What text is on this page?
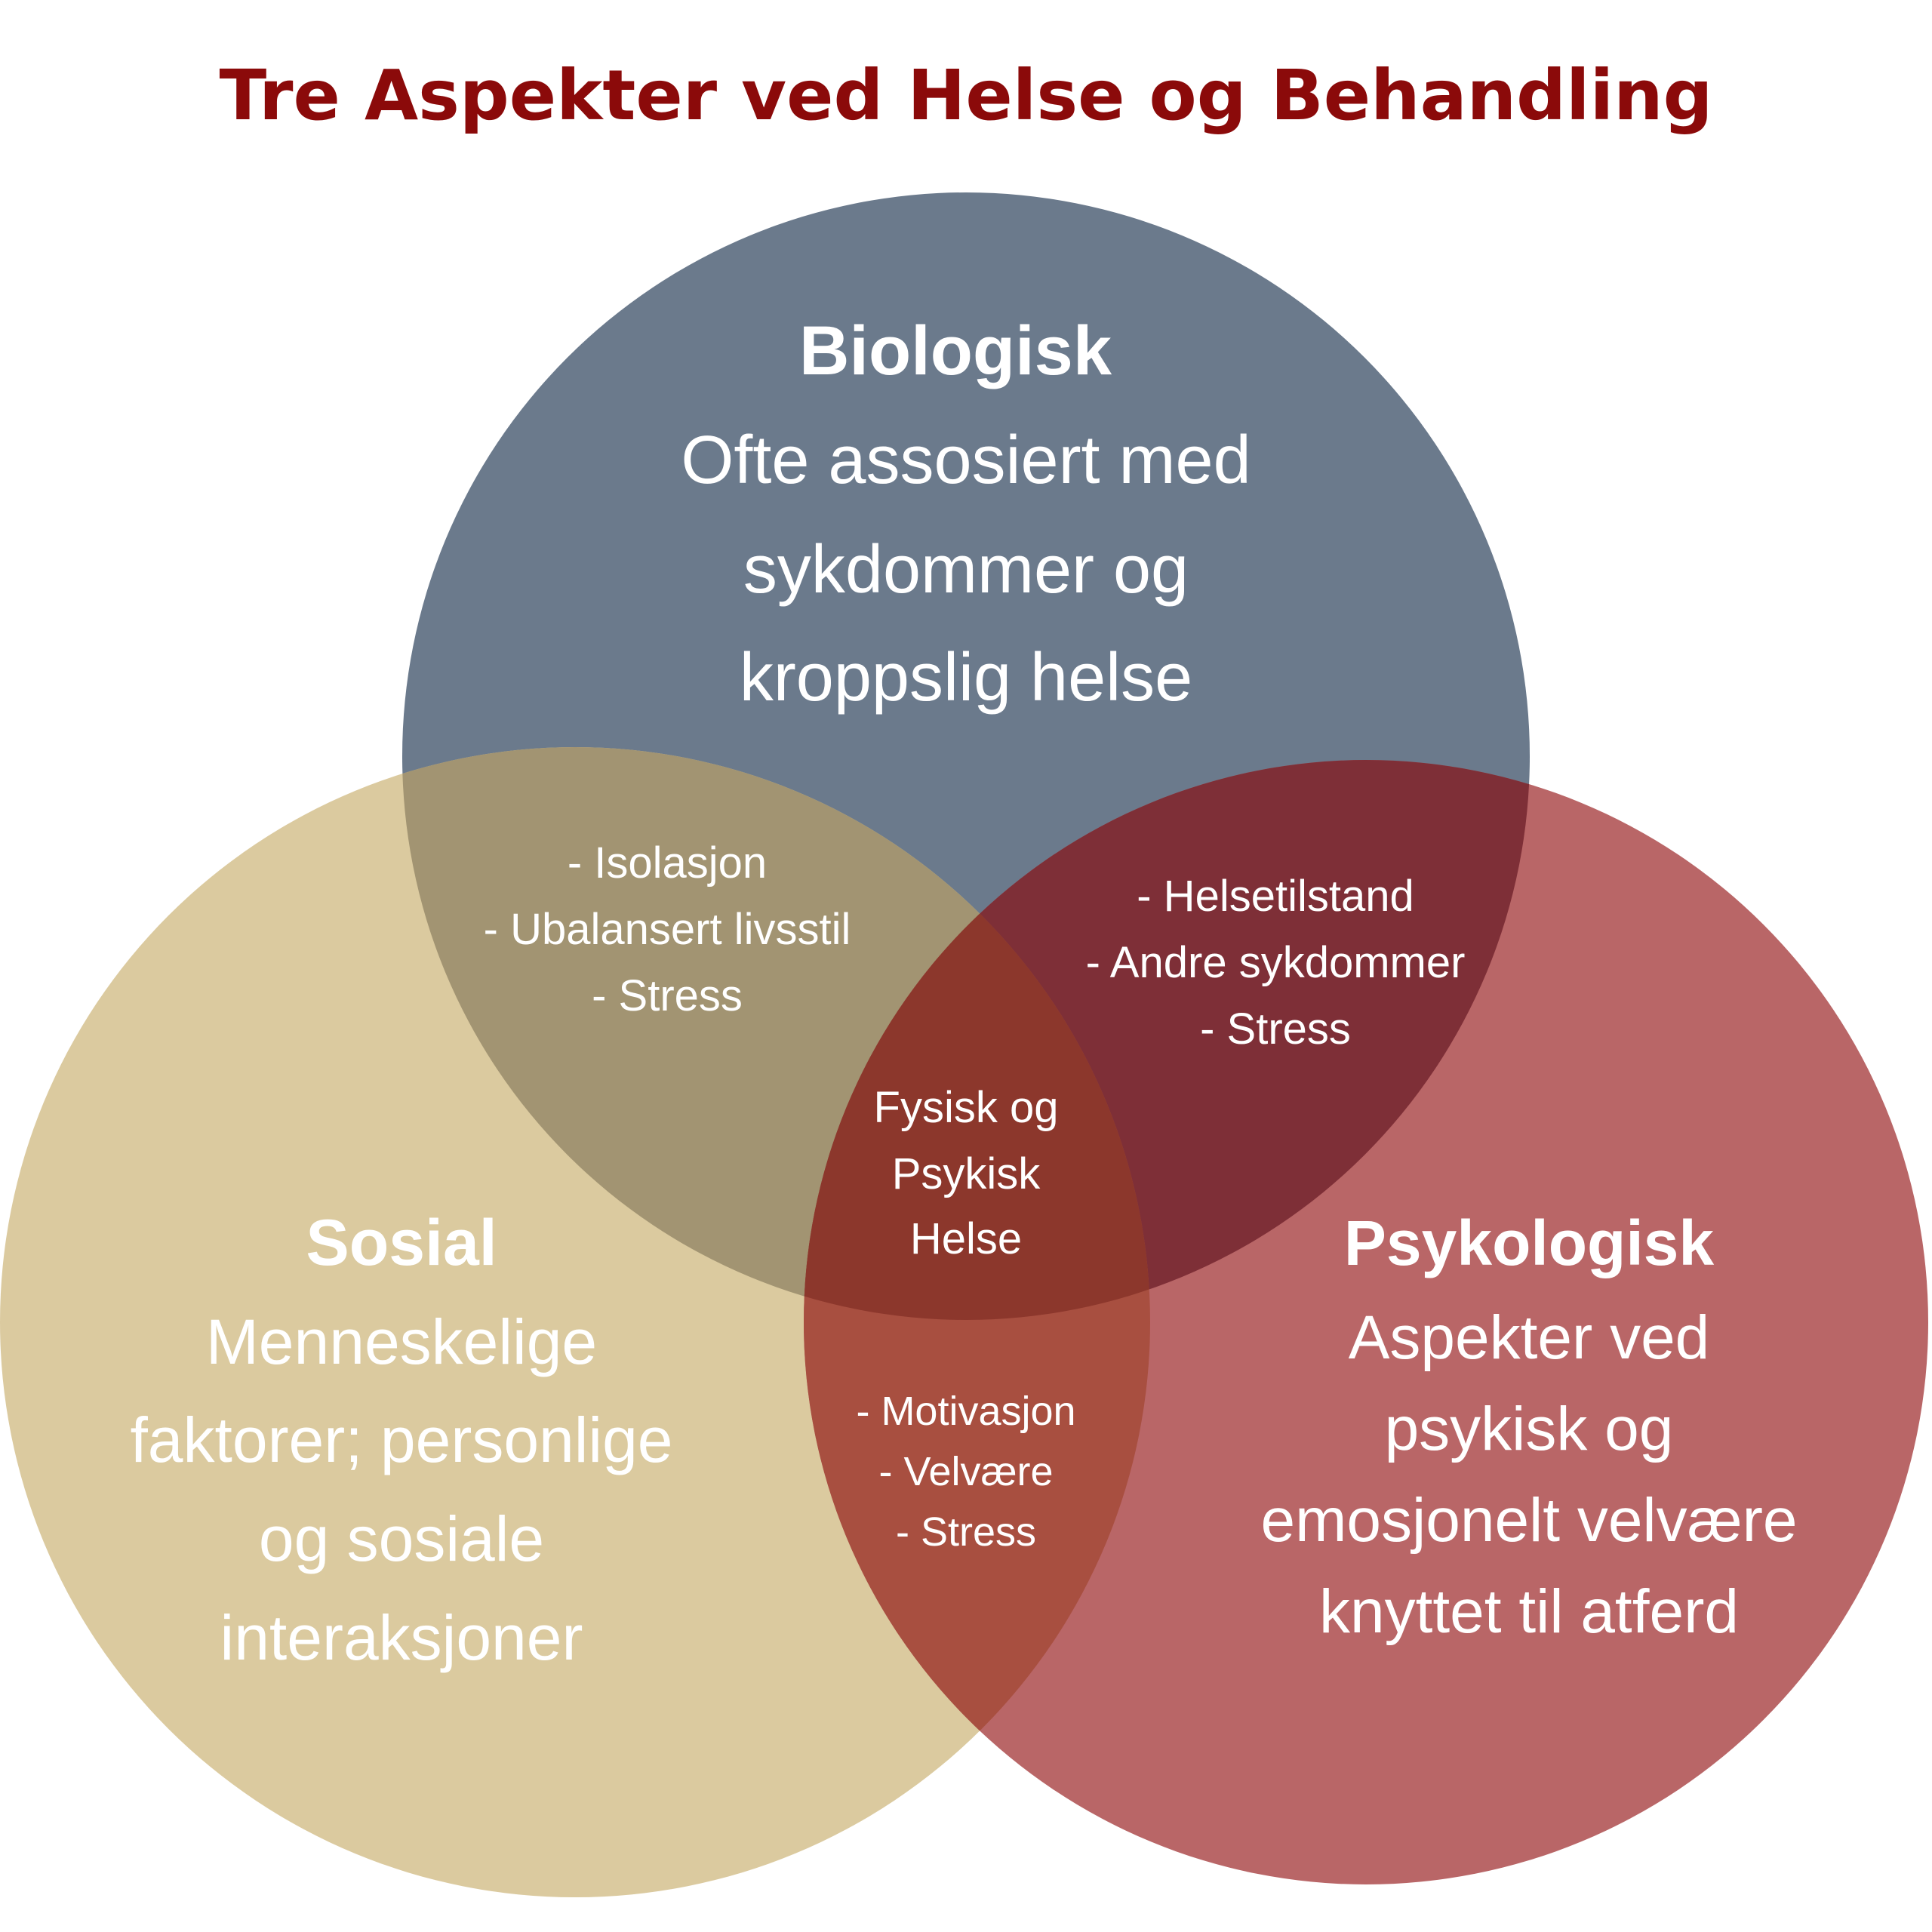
Tre Aspekter ved Helse og Behandling
Biologisk
Ofte assosiert med
sykdommer og
kroppslig helse
Sosial
Menneskelige
faktorer; personlige
og sosiale
interaksjoner
Psykologisk
Aspekter ved
psykisk og
emosjonelt velvære
knyttet til atferd
- Isolasjon
- Ubalansert livsstil
- Stress
- Helsetilstand
- Andre sykdommer
- Stress
Fysisk og
Psykisk
Helse
- Motivasjon
- Velvære
- Stress
